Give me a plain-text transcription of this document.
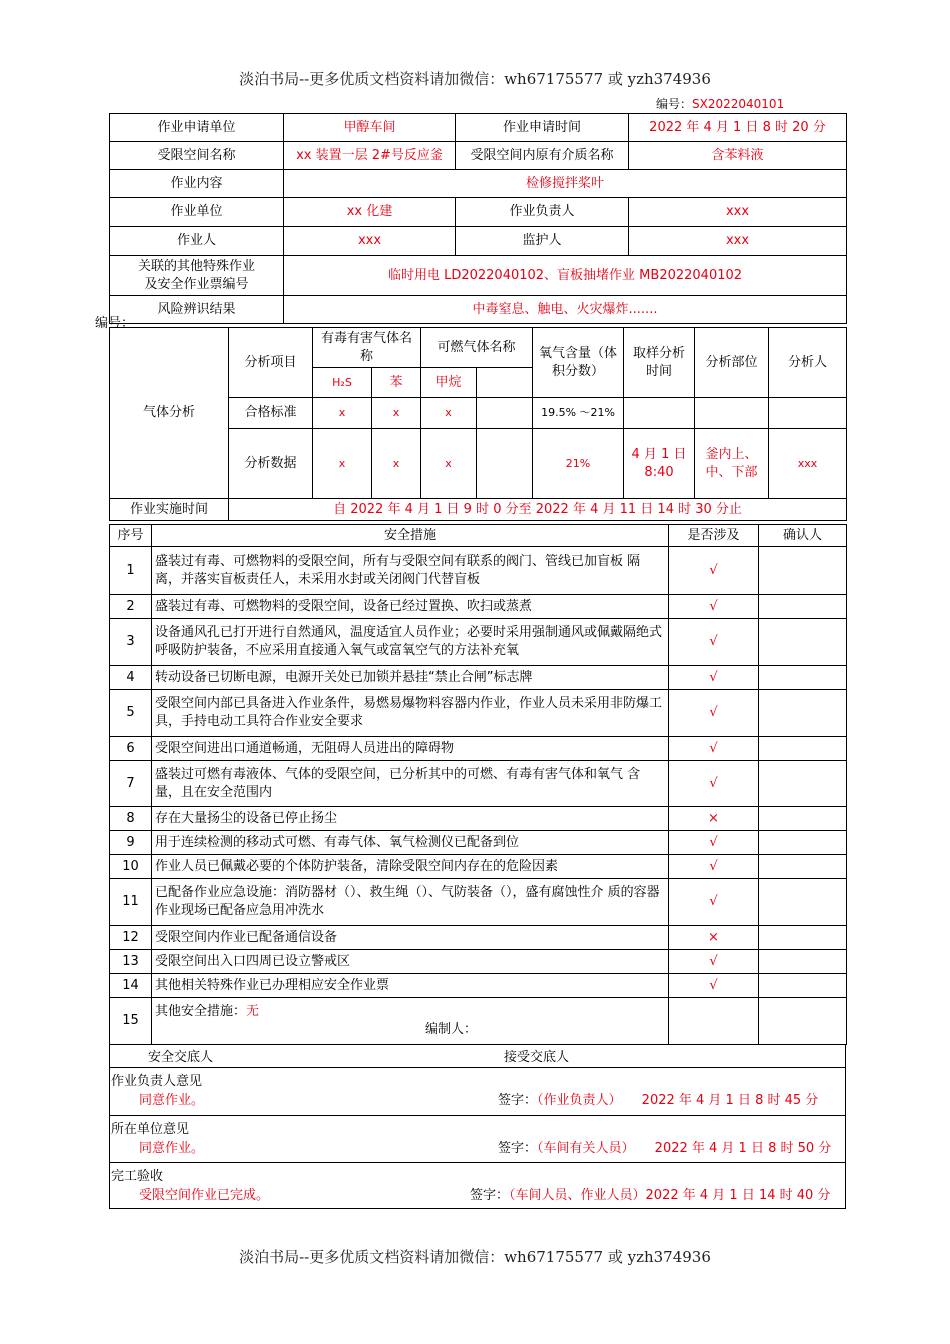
淡泊书局--更多优质文档资料请加微信：wh67175577 或 yzh374936
编号：SX2022040101
作业申请单位	甲醇车间	作业申请时间	2022 年 4 月 1 日 8 时 20 分
受限空间名称	xx 装置一层 2#号反应釜	受限空间内原有介质名称	含苯料液
作业内容	检修搅拌桨叶		
作业单位	xx 化建	作业负责人	xxx
作业人	xxx	监护人	xxx

关联的其他特殊作业
及安全作业票编号	临时用电 LD2022040102、盲板抽堵作业 MB2022040102		
风险辨识结果	中毒窒息、触电、火灾爆炸.......		
编号：
气体分析	分析项目	有毒有害气体名称		可燃气体名称		氧气含量（体积分数）	取样分析时间	分析部位	分析人
		H₂S	苯	甲烷					
	合格标准	x	x	x		19.5% ～21%			
	分析数据	x	x	x		21%	4 月 1 日 8:40	釜内上、中、下部	xxx
作业实施时间	自 2022 年 4 月 1 日 9 时 0 分至 2022 年 4 月 11 日 14 时 30 分止								
序号	安全措施	是否涉及	确认人
1	盛装过有毒、可燃物料的受限空间，所有与受限空间有联系的阀门、管线已加盲板 隔离，并落实盲板责任人，未采用水封或关闭阀门代替盲板	√	
2	盛装过有毒、可燃物料的受限空间，设备已经过置换、吹扫或蒸煮	√	
3	设备通风孔已打开进行自然通风，温度适宜人员作业；必要时采用强制通风或佩戴隔绝式呼吸防护装备，不应采用直接通入氧气或富氧空气的方法补充氧	√	
4	转动设备已切断电源，电源开关处已加锁并悬挂“禁止合闸”标志牌	√	
5	受限空间内部已具备进入作业条件，易燃易爆物料容器内作业，作业人员未采用非防爆工具，手持电动工具符合作业安全要求	√	
6	受限空间进出口通道畅通，无阻碍人员进出的障碍物	√	
7	盛装过可燃有毒液体、气体的受限空间，已分析其中的可燃、有毒有害气体和氧气 含量，且在安全范围内	√	
8	存在大量扬尘的设备已停止扬尘	×	
9	用于连续检测的移动式可燃、有毒气体、氧气检测仪已配备到位	√	
10	作业人员已佩戴必要的个体防护装备，清除受限空间内存在的危险因素	√	
11	已配备作业应急设施：消防器材（）、救生绳（）、气防装备（），盛有腐蚀性介 质的容器作业现场已配备应急用冲洗水	√	
12	受限空间内作业已配备通信设备	×	
13	受限空间出入口四周已设立警戒区	√	
14	其他相关特殊作业已办理相应安全作业票	√	
15	其他安全措施：无
编制人：		

安全交底人	接受交底人
作业负责人意见
同意作业。	签字：（作业负责人） 2022 年 4 月 1 日 8 时 45 分
所在单位意见
同意作业。	签字：（车间有关人员） 2022 年 4 月 1 日 8 时 50 分
完工验收
受限空间作业已完成。	签字：（车间人员、作业人员）2022 年 4 月 1 日 14 时 40 分
淡泊书局--更多优质文档资料请加微信：wh67175577 或 yzh374936
